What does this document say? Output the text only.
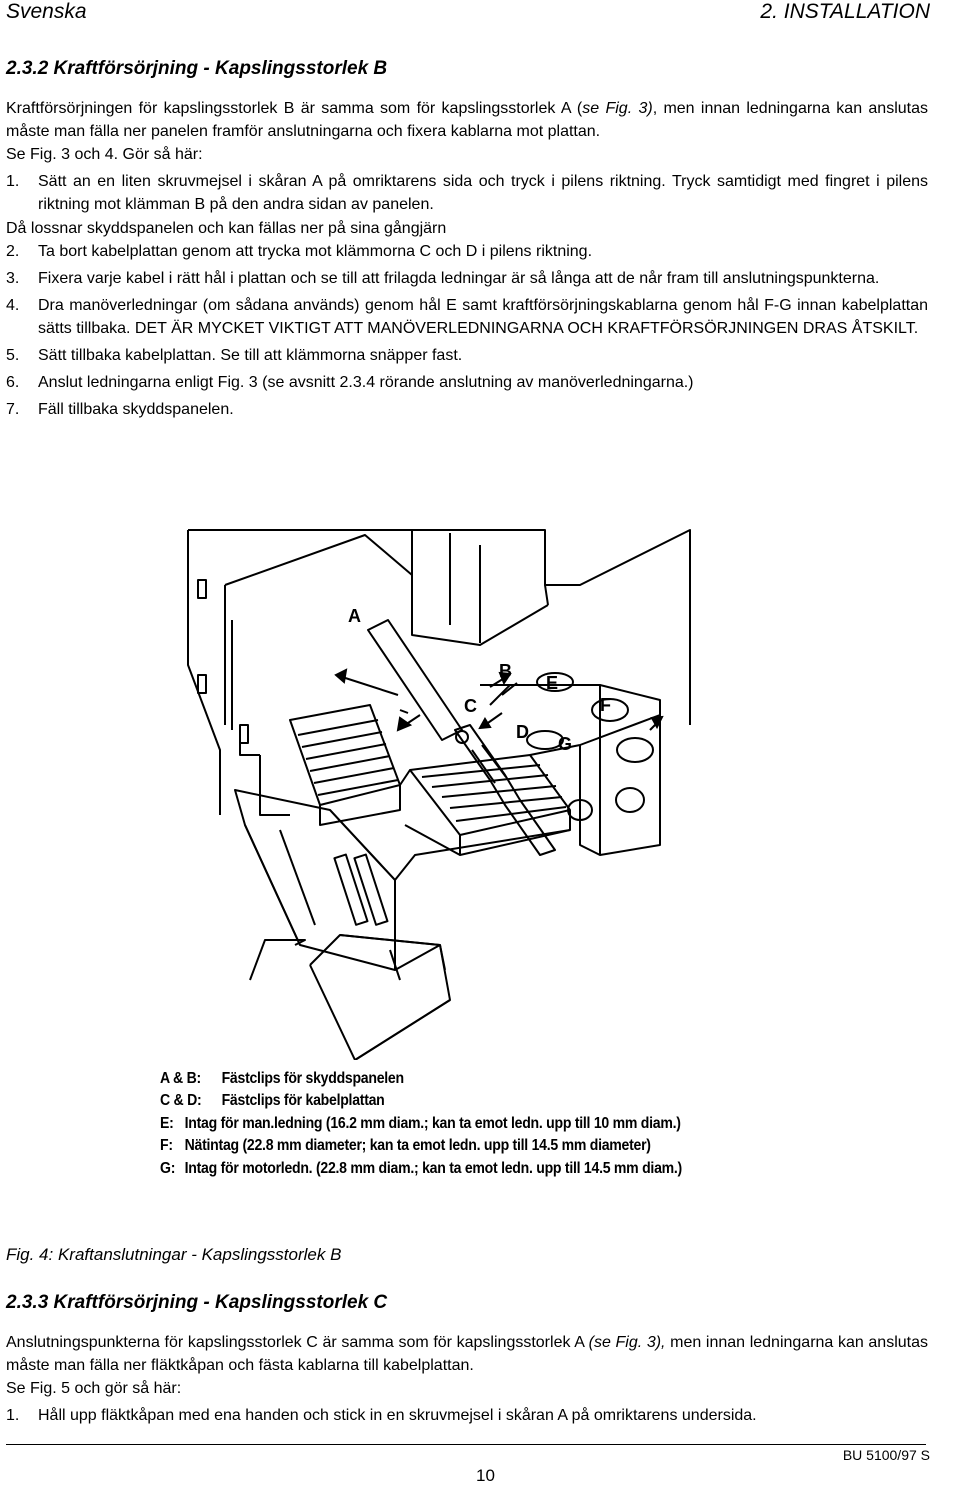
Svenska	2. INSTALLATION
2.3.2 Kraftförsörjning - Kapslingsstorlek B

Kraftförsörjningen för kapslingsstorlek B är samma som för kapslingsstorlek A (se Fig. 3), men innan ledningarna kan anslutas måste man fälla ner panelen framför anslutningarna och fixera kablarna mot plattan.

Se Fig. 3 och 4. Gör så här:

1. Sätt an en liten skruvmejsel i skåran A på omriktarens sida och tryck i pilens riktning. Tryck samtidigt med fingret i pilens riktning mot klämman B på den andra sidan av panelen.

Då lossnar skyddspanelen och kan fällas ner på sina gångjärn
2. Ta bort kabelplattan genom att trycka mot klämmorna C och D i pilens riktning.

3. Fixera varje kabel i rätt hål i plattan och se till att frilagda ledningar är så långa att de når fram till anslutningspunkterna.

4. Dra manöverledningar (om sådana används) genom hål E samt kraftförsörjningskablarna genom hål F-G innan kabelplattan sätts tillbaka. DET ÄR MYCKET VIKTIGT ATT MANÖVERLEDNINGARNA OCH KRAFTFÖRSÖRJNINGEN DRAS ÅTSKILT.

5. Sätt tillbaka kabelplattan. Se till att klämmorna snäpper fast.

6. Anslut ledningarna enligt Fig. 3 (se avsnitt 2.3.4 rörande anslutning av manöverledningarna.)

7. Fäll tillbaka skyddspanelen.
A
B
C
D
E
F
G
A & B: Fästclips för skyddspanelen
C & D: Fästclips för kabelplattan
E: Intag för man.ledning (16.2 mm diam.; kan ta emot ledn. upp till 10 mm diam.)
F: Nätintag (22.8 mm diameter; kan ta emot ledn. upp till 14.5 mm diameter)
G: Intag för motorledn. (22.8 mm diam.; kan ta emot ledn. upp till 14.5 mm diam.)
Fig. 4: Kraftanslutningar - Kapslingsstorlek B
2.3.3 Kraftförsörjning - Kapslingsstorlek C

Anslutningspunkterna för kapslingsstorlek C är samma som för kapslingsstorlek A (se Fig. 3), men innan ledningarna kan anslutas måste man fälla ner fläktkåpan och fästa kablarna till kabelplattan.

Se Fig. 5 och gör så här:

1. Håll upp fläktkåpan med ena handen och stick in en skruvmejsel i skåran A på omriktarens undersida.
10
BU 5100/97 S
